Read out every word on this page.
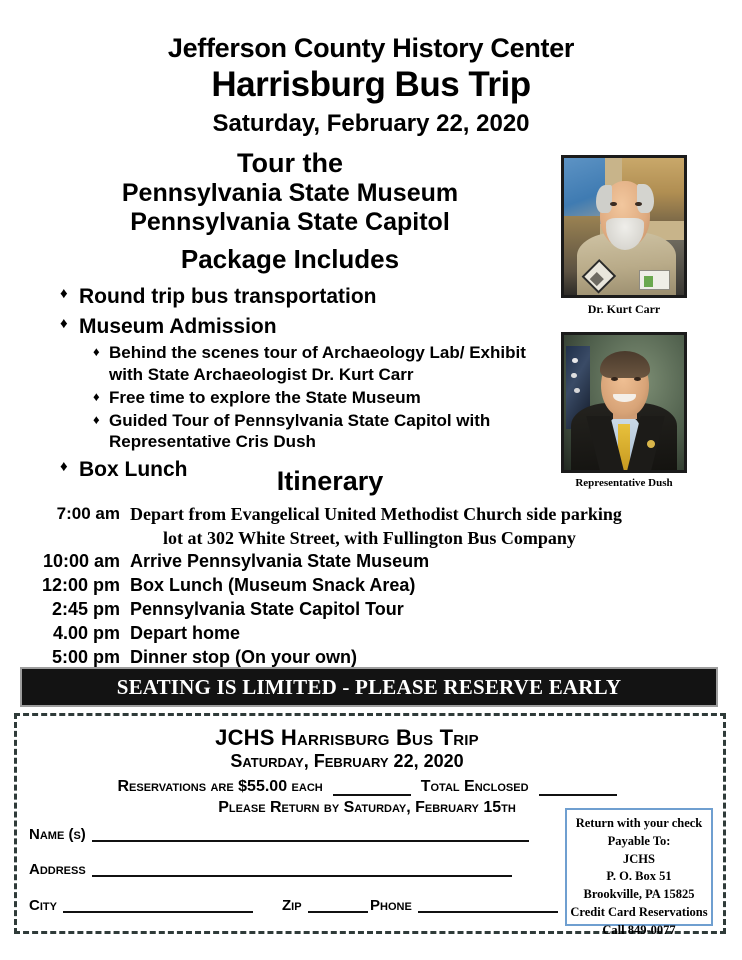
Jefferson County History Center
Harrisburg Bus Trip
Saturday, February 22, 2020
Tour the
Pennsylvania State Museum
Pennsylvania State Capitol
Package Includes
Dr. Kurt Carr
Representative Dush
♦ Round trip bus transportation
♦ Museum Admission
♦ Behind the scenes tour of Archaeology Lab/ Exhibit with State Archaeologist Dr. Kurt Carr
♦ Free time to explore the State Museum
♦ Guided Tour of Pennsylvania State Capitol with Representative Cris Dush
♦ Box Lunch	Itinerary
7:00 am Depart from Evangelical United Methodist Church side parking
lot at 302 White Street, with Fullington Bus Company
10:00 am Arrive Pennsylvania State Museum
12:00 pm Box Lunch (Museum Snack Area)
2:45 pm Pennsylvania State Capitol Tour
4.00 pm Depart home
5:00 pm Dinner stop (On your own)
SEATING IS LIMITED - PLEASE RESERVE EARLY
JCHS Harrisburg Bus Trip
Saturday, February 22, 2020
Reservations are $55.00 each	Total Enclosed
Please Return by Saturday, February 15th
Name (s)
Address
City	Zip	Phone
Return with your check
Payable To:
JCHS
P. O. Box 51
Brookville, PA 15825
Credit Card Reservations
Call 849-0077
